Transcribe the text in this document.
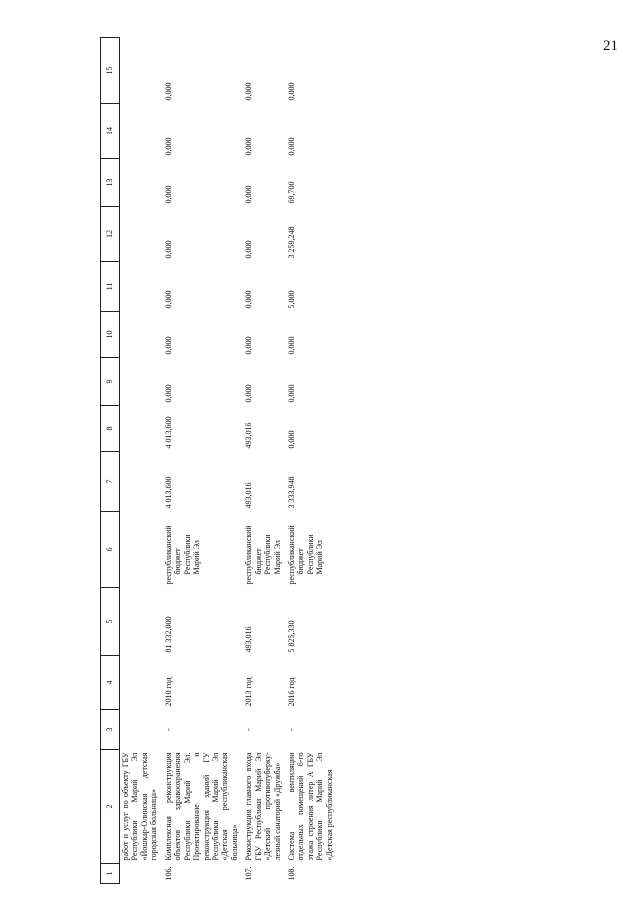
21
1	2	3	4	5	6	7	8	9	10	11	12	13	14	15
	работ и услуг по объекту ГБУ Республики Марий Эл «Йошкар-Олинская детская городская больница»													
106.	Комплексная реконструкция объектов здравоохранения Республики Марий Эл. Проектирование и реконструкция зданий ГУ Республики Марий Эл «Детская республиканская больница»	-	2010 год	81 332,000	республиканский бюджет Республики Марий Эл	4 013,600	4 013,600	0,000	0,000	0,000	0,000	0,000	0,000	0,000
107.	Реконструкция главного входа ГБУ Республики Марий Эл «Детский противотуберку-лезный санаторий «Дружба»	-	2013 год	493,016	республиканский бюджет Республики Марий Эл	493,016	493,016	0,000	0,000	0,000	0,000	0,000	0,000	0,000
108.	Система вентиляции отдельных помещений 6-го этажа строения литер А ГБУ Республики Марий Эл «Детская республиканская	-	2016 год	5 825,330	республиканский бюджет Республики Марий Эл	3 333,948	0,000	0,000	0,000	5,000	3 259,248	69,700	0,000	0,000
